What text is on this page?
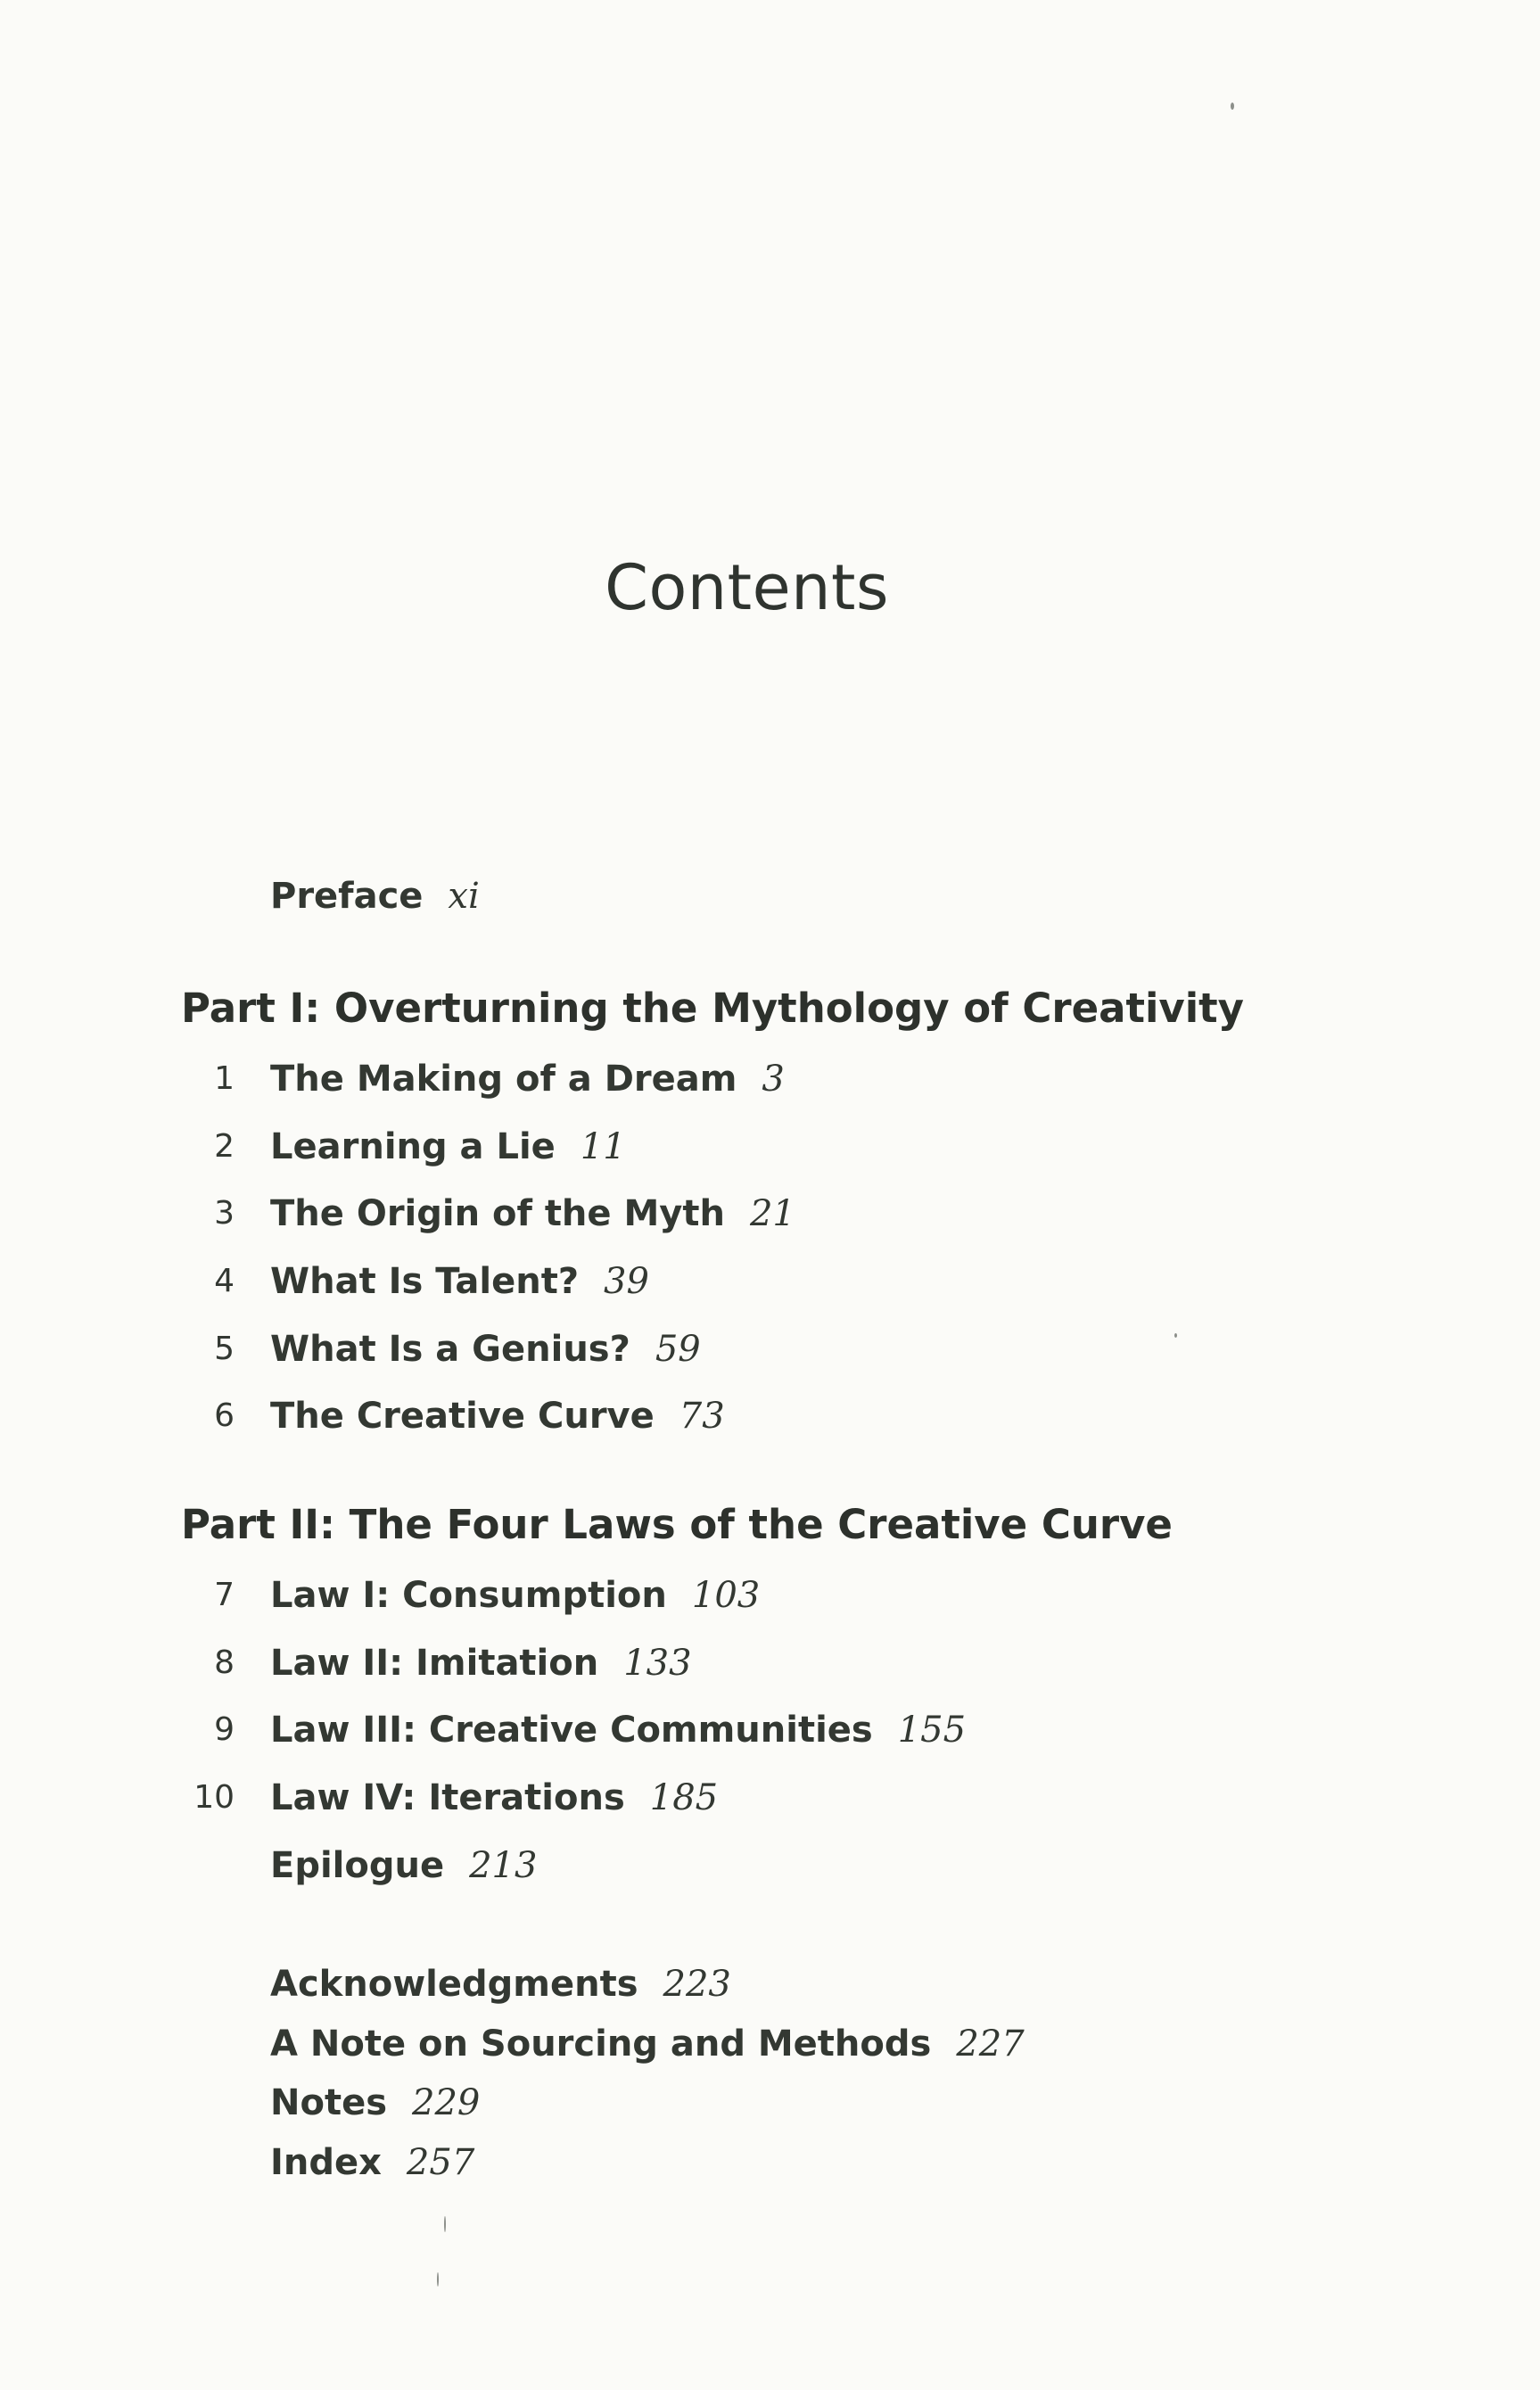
Contents
Preface xi
Part I: Overturning the Mythology of Creativity
1 The Making of a Dream 3
2 Learning a Lie 11
3 The Origin of the Myth 21
4 What Is Talent? 39
5 What Is a Genius? 59
6 The Creative Curve 73
Part II: The Four Laws of the Creative Curve
7 Law I: Consumption 103
8 Law II: Imitation 133
9 Law III: Creative Communities 155
10 Law IV: Iterations 185
Epilogue 213
Acknowledgments 223
A Note on Sourcing and Methods 227
Notes 229
Index 257
